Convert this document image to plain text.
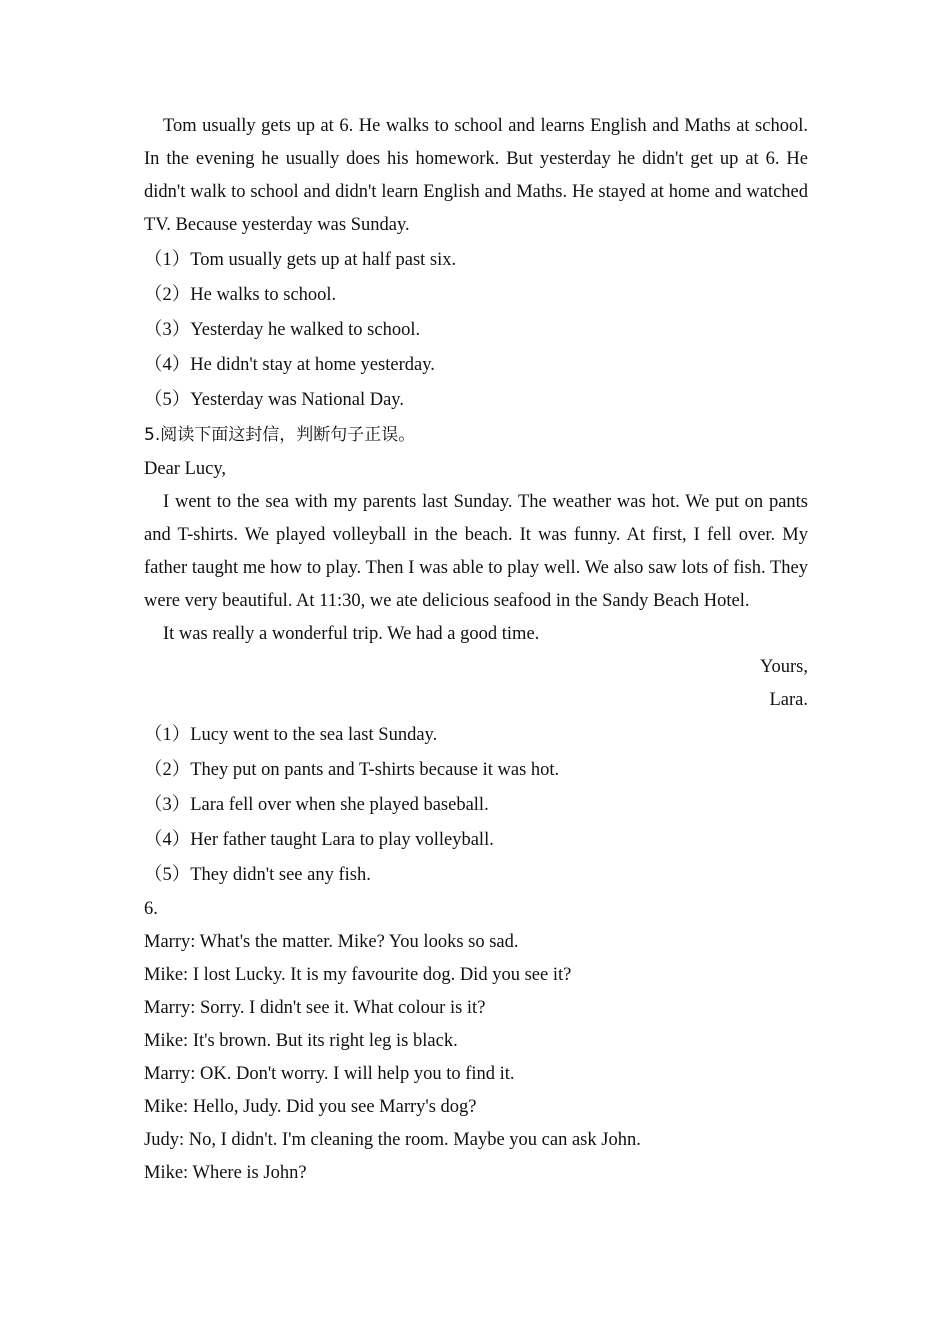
Tom usually gets up at 6. He walks to school and learns English and Maths at school. In the evening he usually does his homework. But yesterday he didn't get up at 6. He didn't walk to school and didn't learn English and Maths. He stayed at home and watched TV. Because yesterday was Sunday.

（1）Tom usually gets up at half past six.
（2）He walks to school.
（3）Yesterday he walked to school.
（4）He didn't stay at home yesterday.
（5）Yesterday was National Day.
5.阅读下面这封信，判断句子正误。
Dear Lucy,

I went to the sea with my parents last Sunday. The weather was hot. We put on pants and T-shirts. We played volleyball in the beach. It was funny. At first, I fell over. My father taught me how to play. Then I was able to play well. We also saw lots of fish. They were very beautiful. At 11:30, we ate delicious seafood in the Sandy Beach Hotel.

It was really a wonderful trip. We had a good time.

Yours,
Lara.
（1）Lucy went to the sea last Sunday.
（2）They put on pants and T-shirts because it was hot.
（3）Lara fell over when she played baseball.
（4）Her father taught Lara to play volleyball.
（5）They didn't see any fish.
6.
Marry: What's the matter. Mike? You looks so sad.
Mike: I lost Lucky. It is my favourite dog. Did you see it?
Marry: Sorry. I didn't see it. What colour is it?
Mike: It's brown. But its right leg is black.
Marry: OK. Don't worry. I will help you to find it.
Mike: Hello, Judy. Did you see Marry's dog?
Judy: No, I didn't. I'm cleaning the room. Maybe you can ask John.
Mike: Where is John?
